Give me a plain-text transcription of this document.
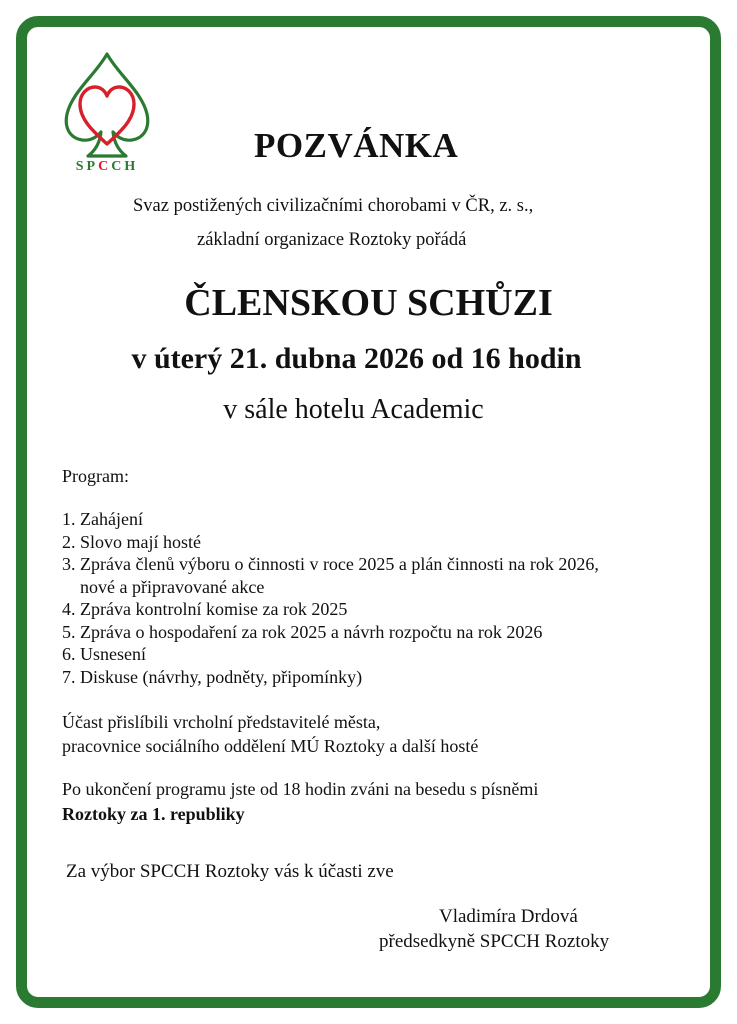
SPCCH
POZVÁNKA
Svaz postižených civilizačními chorobami v ČR, z. s.,
základní organizace Roztoky pořádá
ČLENSKOU SCHŮZI
v úterý 21. dubna 2026 od 16 hodin
v sále hotelu Academic
Program:
1. Zahájení
2. Slovo mají hosté
3. Zpráva členů výboru o činnosti v roce 2025 a plán činnosti na rok 2026,
nové a připravované akce
4. Zpráva kontrolní komise za rok 2025
5. Zpráva o hospodaření za rok 2025 a návrh rozpočtu na rok 2026
6. Usnesení
7. Diskuse (návrhy, podněty, připomínky)
Účast přislíbili vrcholní představitelé města,
pracovnice sociálního oddělení MÚ Roztoky a další hosté
Po ukončení programu jste od 18 hodin zváni na besedu s písněmi
Roztoky za 1. republiky
Za výbor SPCCH Roztoky vás k účasti zve
Vladimíra Drdová
předsedkyně SPCCH Roztoky
